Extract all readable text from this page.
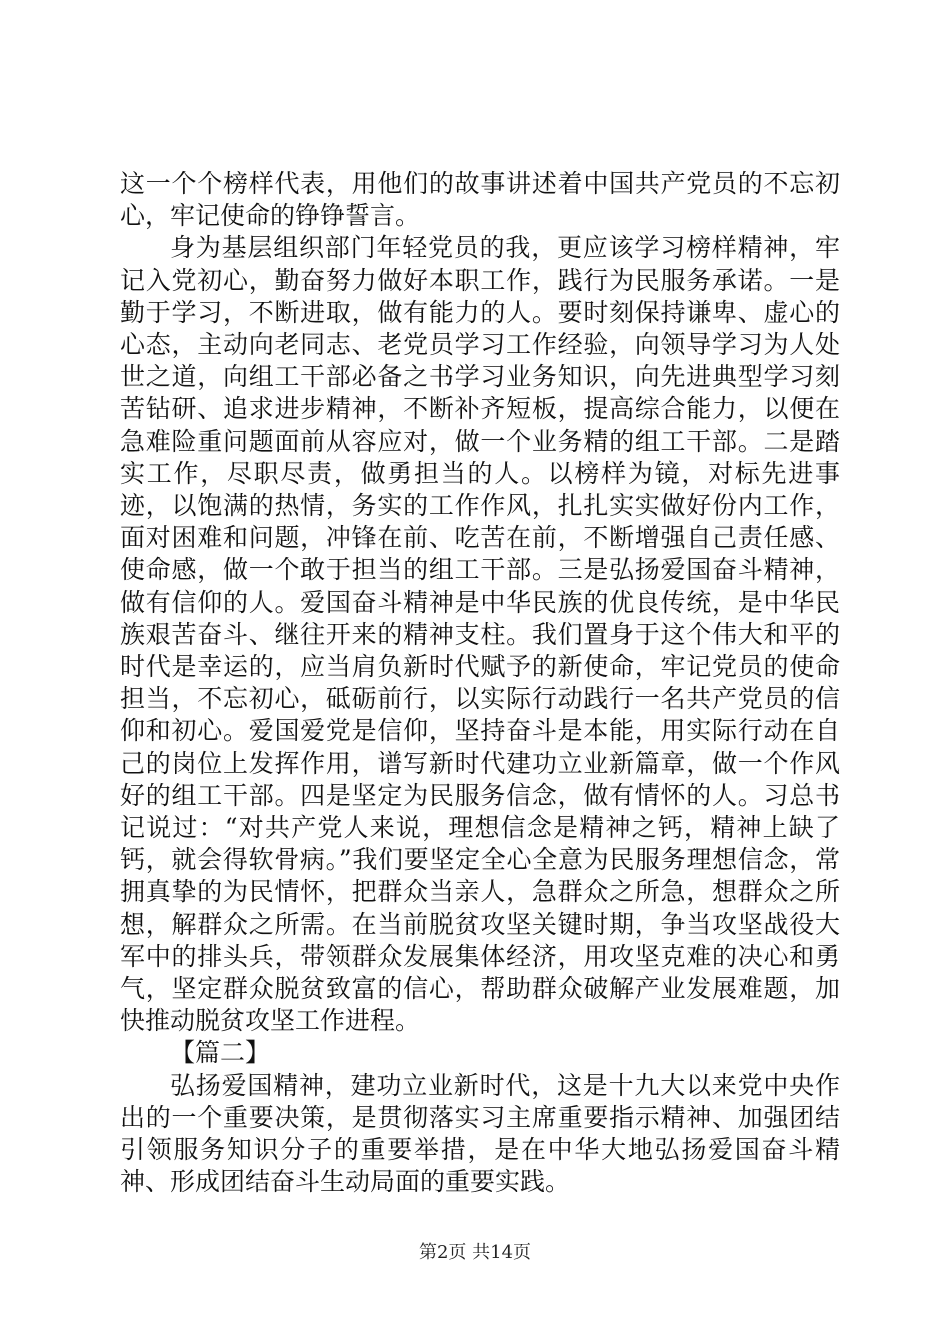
这一个个榜样代表，用他们的故事讲述着中国共产党员的不忘初心，牢记使命的铮铮誓言。

身为基层组织部门年轻党员的我，更应该学习榜样精神，牢记入党初心，勤奋努力做好本职工作，践行为民服务承诺。一是勤于学习，不断进取，做有能力的人。要时刻保持谦卑、虚心的心态，主动向老同志、老党员学习工作经验，向领导学习为人处世之道，向组工干部必备之书学习业务知识，向先进典型学习刻苦钻研、追求进步精神，不断补齐短板，提高综合能力，以便在急难险重问题面前从容应对，做一个业务精的组工干部。二是踏实工作，尽职尽责，做勇担当的人。以榜样为镜，对标先进事迹，以饱满的热情，务实的工作作风，扎扎实实做好份内工作，面对困难和问题，冲锋在前、吃苦在前，不断增强自己责任感、使命感，做一个敢于担当的组工干部。三是弘扬爱国奋斗精神，做有信仰的人。爱国奋斗精神是中华民族的优良传统，是中华民族艰苦奋斗、继往开来的精神支柱。我们置身于这个伟大和平的时代是幸运的，应当肩负新时代赋予的新使命，牢记党员的使命担当，不忘初心，砥砺前行，以实际行动践行一名共产党员的信仰和初心。爱国爱党是信仰，坚持奋斗是本能，用实际行动在自己的岗位上发挥作用，谱写新时代建功立业新篇章，做一个作风好的组工干部。四是坚定为民服务信念，做有情怀的人。习总书记说过：“对共产党人来说，理想信念是精神之钙，精神上缺了钙，就会得软骨病。”我们要坚定全心全意为民服务理想信念，常拥真挚的为民情怀，把群众当亲人，急群众之所急，想群众之所想，解群众之所需。在当前脱贫攻坚关键时期，争当攻坚战役大军中的排头兵，带领群众发展集体经济，用攻坚克难的决心和勇气，坚定群众脱贫致富的信心，帮助群众破解产业发展难题，加快推动脱贫攻坚工作进程。

【篇二】

弘扬爱国精神，建功立业新时代，这是十九大以来党中央作出的一个重要决策，是贯彻落实习主席重要指示精神、加强团结引领服务知识分子的重要举措，是在中华大地弘扬爱国奋斗精神、形成团结奋斗生动局面的重要实践。

第2页 共14页
